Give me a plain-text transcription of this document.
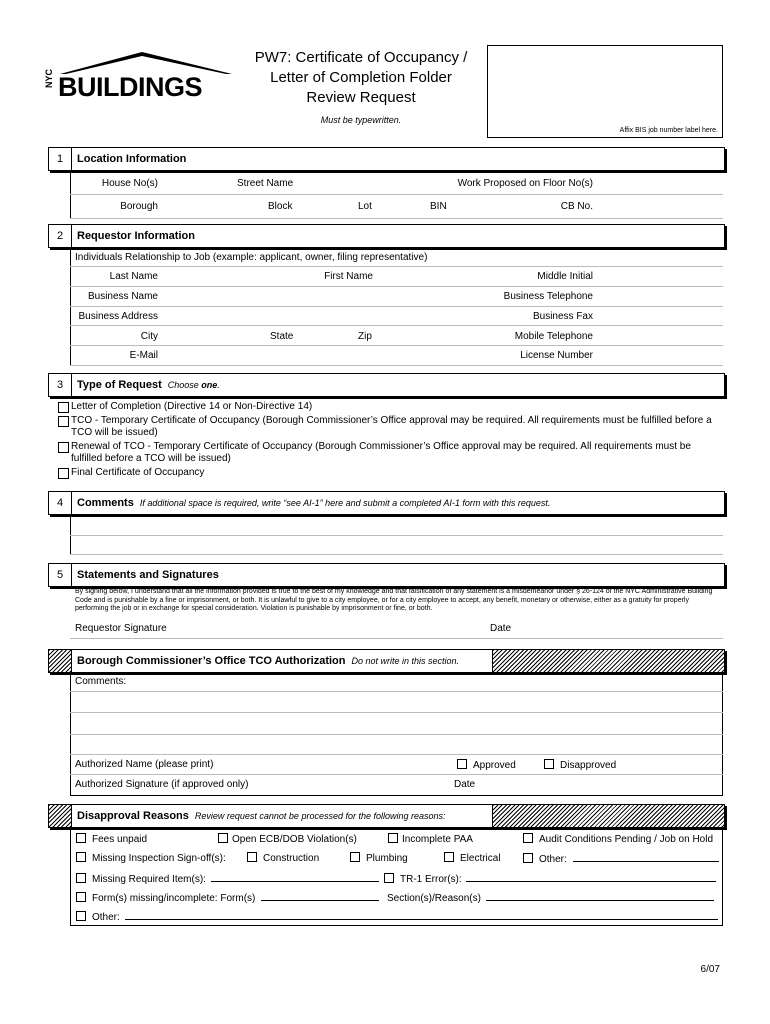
NYC BUILDINGS
PW7: Certificate of Occupancy /
Letter of Completion Folder
Review Request
Must be typewritten.
Affix BIS job number label here.
1	Location Information
House No(s)	Street Name	Work Proposed on Floor No(s)
Borough	Block	Lot	BIN	CB No.
2	Requestor Information
Individuals Relationship to Job (example: applicant, owner, filing representative)
Last Name	First Name	Middle Initial
Business Name	Business Telephone
Business Address	Business Fax
City	State	Zip	Mobile Telephone
E-Mail	License Number
3	Type of Request Choose one.
Letter of Completion (Directive 14 or Non-Directive 14)
TCO - Temporary Certificate of Occupancy (Borough Commissioner’s Office approval may be required. All requirements must be fulfilled before a TCO will be issued)
Renewal of TCO - Temporary Certificate of Occupancy (Borough Commissioner’s Office approval may be required. All requirements must be fulfilled before a TCO will be issued)
Final Certificate of Occupancy
4	Comments If additional space is required, write “see AI-1” here and submit a completed AI-1 form with this request.
5	Statements and Signatures
By signing below, I understand that all the information provided is true to the best of my knowledge and that falsification of any statement is a misdemeanor under § 26-124 of the NYC Administrative Building Code and is punishable by a fine or imprisonment, or both. It is unlawful to give to a city employee, or for a city employee to accept, any benefit, monetary or otherwise, either as a gratuity for properly performing the job or in exchange for special consideration. Violation is punishable by imprisonment or fine, or both.
Requestor Signature	Date
Borough Commissioner’s Office TCO Authorization Do not write in this section.
Comments:
Authorized Name (please print)	Approved	Disapproved
Authorized Signature (if approved only)	Date
Disapproval Reasons Review request cannot be processed for the following reasons:
Fees unpaid	Open ECB/DOB Violation(s)	Incomplete PAA	Audit Conditions Pending / Job on Hold
Missing Inspection Sign-off(s):	Construction	Plumbing	Electrical	Other:
Missing Required Item(s):	TR-1 Error(s):
Form(s) missing/incomplete: Form(s)	Section(s)/Reason(s)
Other:
6/07
